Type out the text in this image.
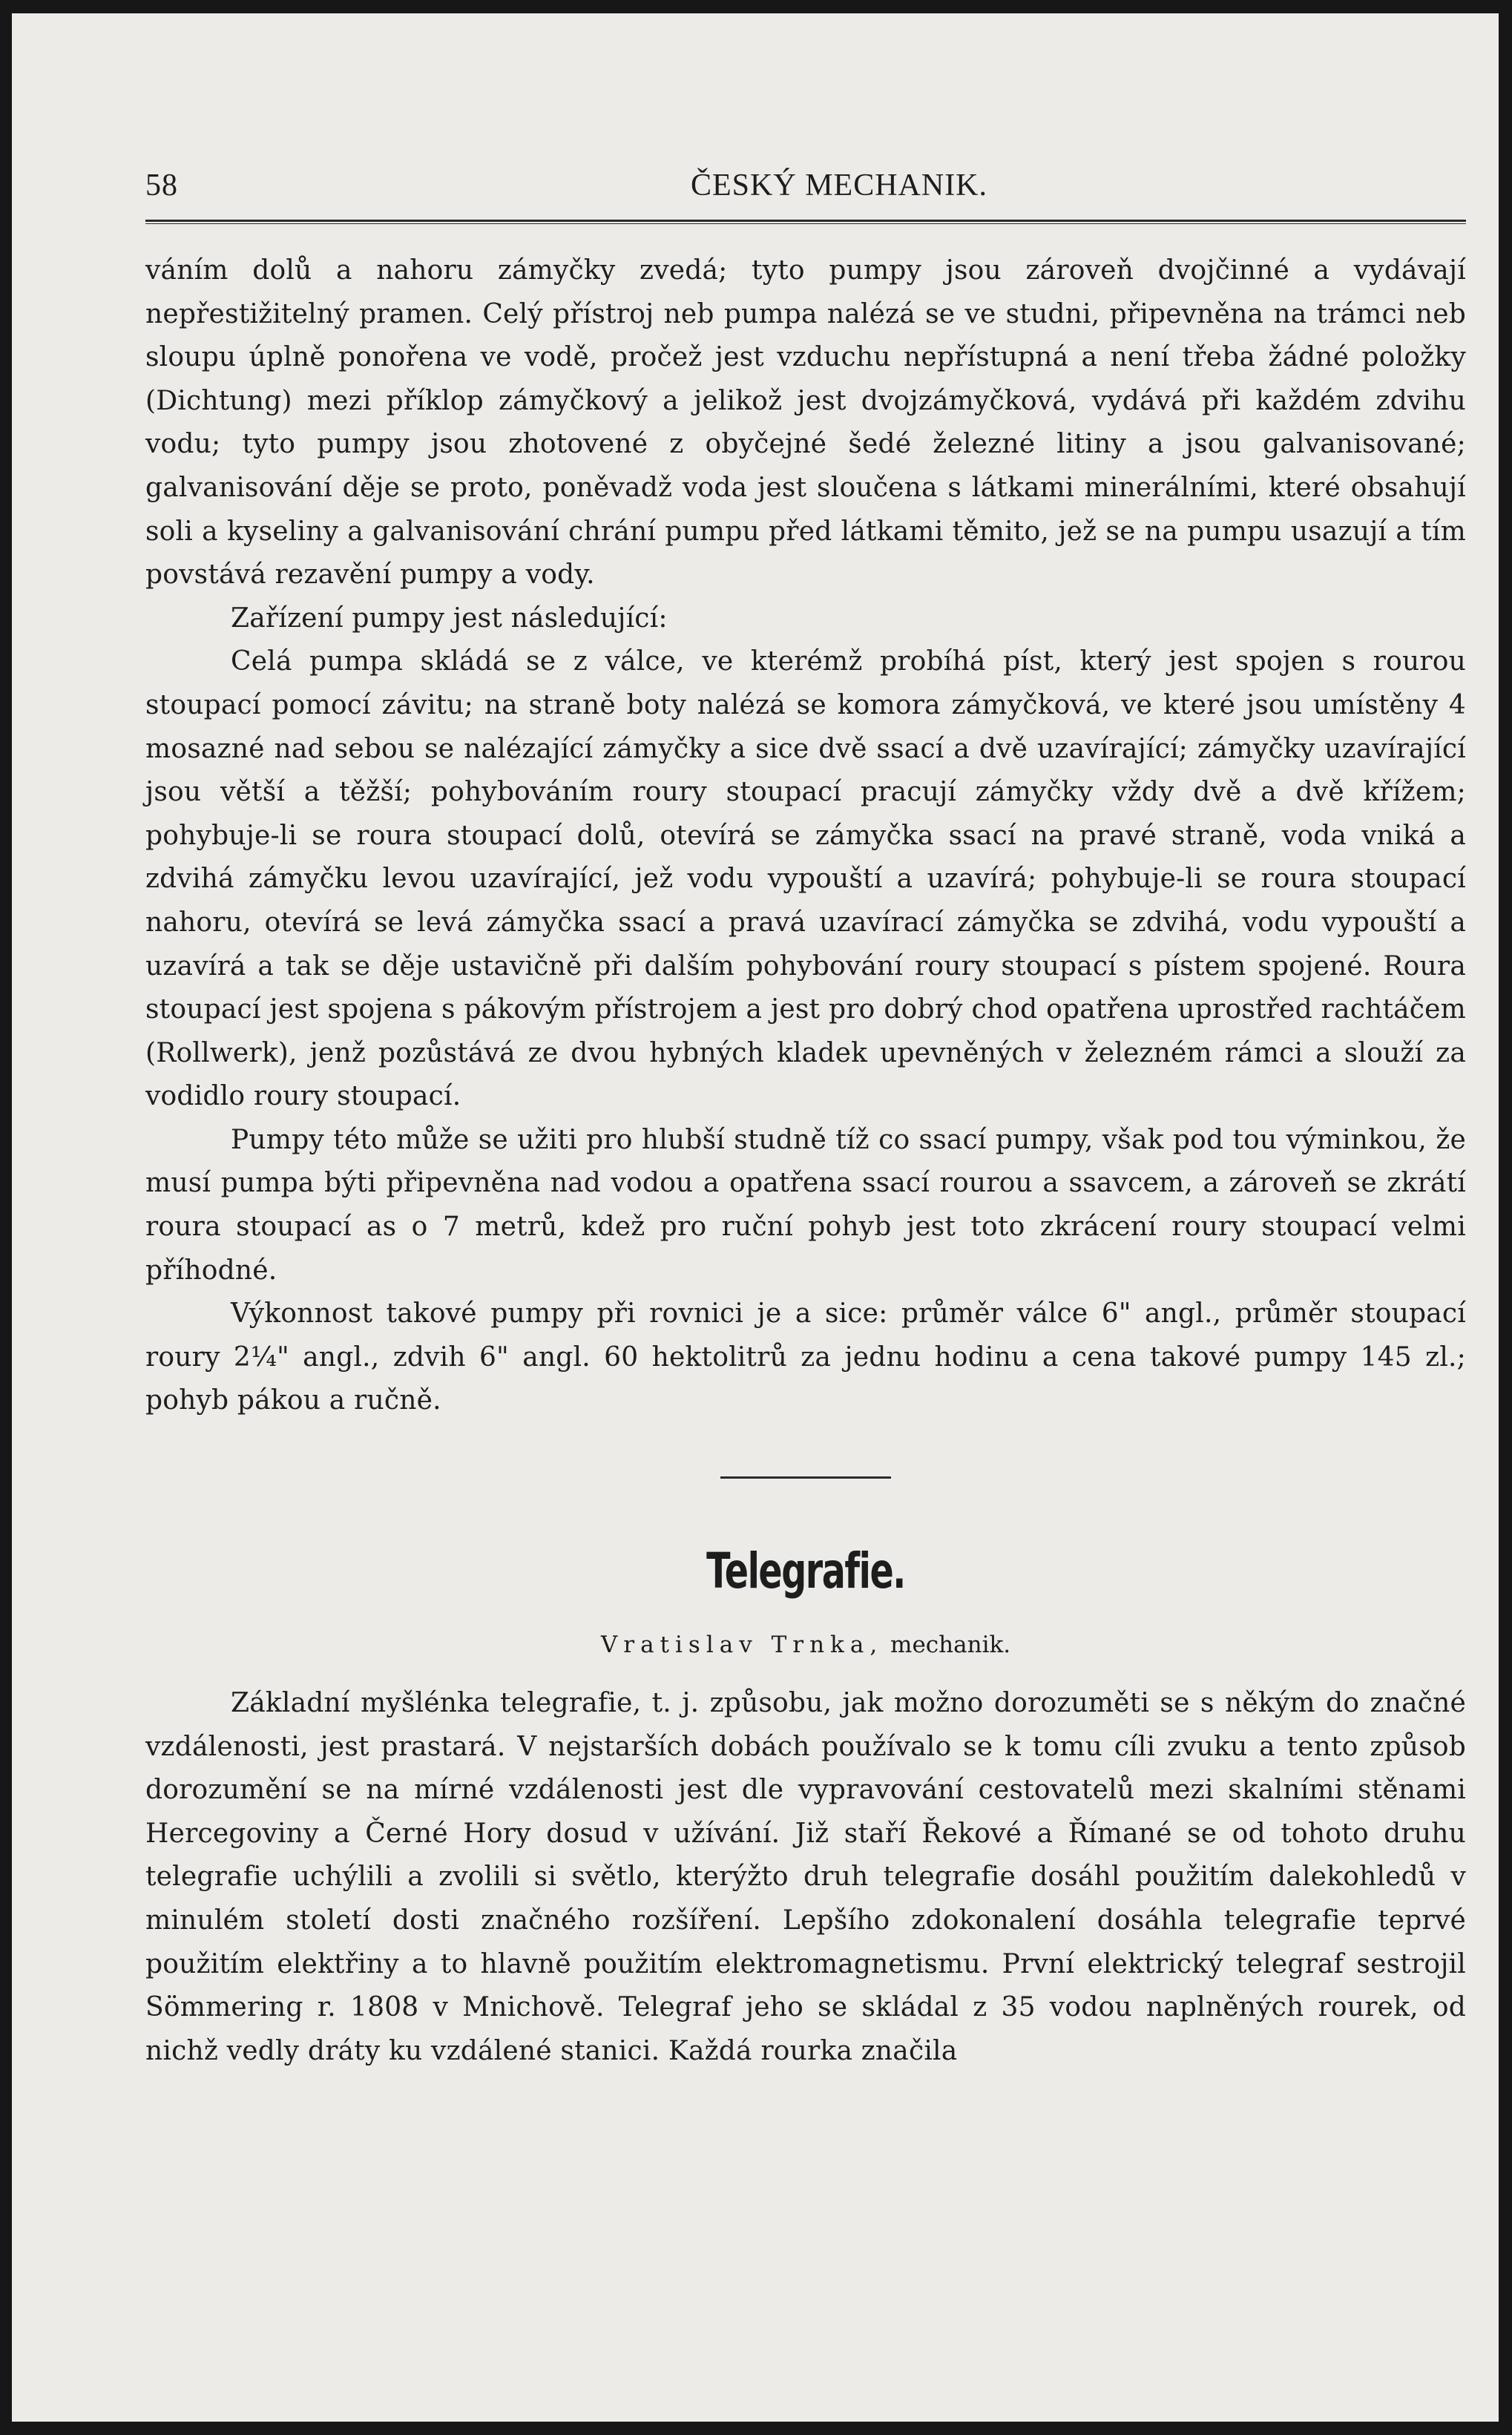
58	ČESKÝ MECHANIK.

váním dolů a nahoru zámyčky zvedá; tyto pumpy jsou zároveň dvojčinné a vydávají nepřestižitelný pramen. Celý přístroj neb pumpa nalézá se ve studni, připevněna na trámci neb sloupu úplně ponořena ve vodě, pročež jest vzduchu nepřístupná a není třeba žádné položky (Dichtung) mezi příklop zámyčkový a jelikož jest dvojzámyčková, vydává při každém zdvihu vodu; tyto pumpy jsou zhotovené z obyčejné šedé železné litiny a jsou galvanisované; galvanisování děje se proto, poněvadž voda jest sloučena s látkami minerálními, které obsahují soli a kyseliny a galvanisování chrání pumpu před látkami těmito, jež se na pumpu usazují a tím povstává rezavění pumpy a vody.

Zařízení pumpy jest následující:

Celá pumpa skládá se z válce, ve kterémž probíhá píst, který jest spojen s rourou stoupací pomocí závitu; na straně boty nalézá se komora zámyčková, ve které jsou umístěny 4 mosazné nad sebou se nalézající zámyčky a sice dvě ssací a dvě uzavírající; zámyčky uzavírající jsou větší a těžší; pohybováním roury stoupací pracují zámyčky vždy dvě a dvě křížem; pohybuje-li se roura stoupací dolů, otevírá se zámyčka ssací na pravé straně, voda vniká a zdvihá zámyčku levou uzavírající, jež vodu vypouští a uzavírá; pohybuje-li se roura stoupací nahoru, otevírá se levá zámyčka ssací a pravá uzavírací zámyčka se zdvihá, vodu vypouští a uzavírá a tak se děje ustavičně při dalším pohybování roury stoupací s pístem spojené. Roura stoupací jest spojena s pákovým přístrojem a jest pro dobrý chod opatřena uprostřed rachtáčem (Rollwerk), jenž pozůstává ze dvou hybných kladek upevněných v železném rámci a slouží za vodidlo roury stoupací.

Pumpy této může se užiti pro hlubší studně tíž co ssací pumpy, však pod tou výminkou, že musí pumpa býti připevněna nad vodou a opatřena ssací rourou a ssavcem, a zároveň se zkrátí roura stoupací as o 7 metrů, kdež pro ruční pohyb jest toto zkrácení roury stoupací velmi příhodné.

Výkonnost takové pumpy při rovnici je a sice: průměr válce 6" angl., průměr stoupací roury 2¼" angl., zdvih 6" angl. 60 hektolitrů za jednu hodinu a cena takové pumpy 145 zl.; pohyb pákou a ručně.

Telegrafie.
Vratislav Trnka, mechanik.

Základní myšlénka telegrafie, t. j. způsobu, jak možno dorozuměti se s někým do značné vzdálenosti, jest prastará. V nejstarších dobách používalo se k tomu cíli zvuku a tento způsob dorozumění se na mírné vzdálenosti jest dle vypravování cestovatelů mezi skalními stěnami Hercegoviny a Černé Hory dosud v užívání. Již staří Řekové a Římané se od tohoto druhu telegrafie uchýlili a zvolili si světlo, kterýžto druh telegrafie dosáhl použitím dalekohledů v minulém století dosti značného rozšíření. Lepšího zdokonalení dosáhla telegrafie teprvé použitím elektřiny a to hlavně použitím elektromagnetismu. První elektrický telegraf sestrojil Sömmering r. 1808 v Mnichově. Telegraf jeho se skládal z 35 vodou naplněných rourek, od nichž vedly dráty ku vzdálené stanici. Každá rourka značila
